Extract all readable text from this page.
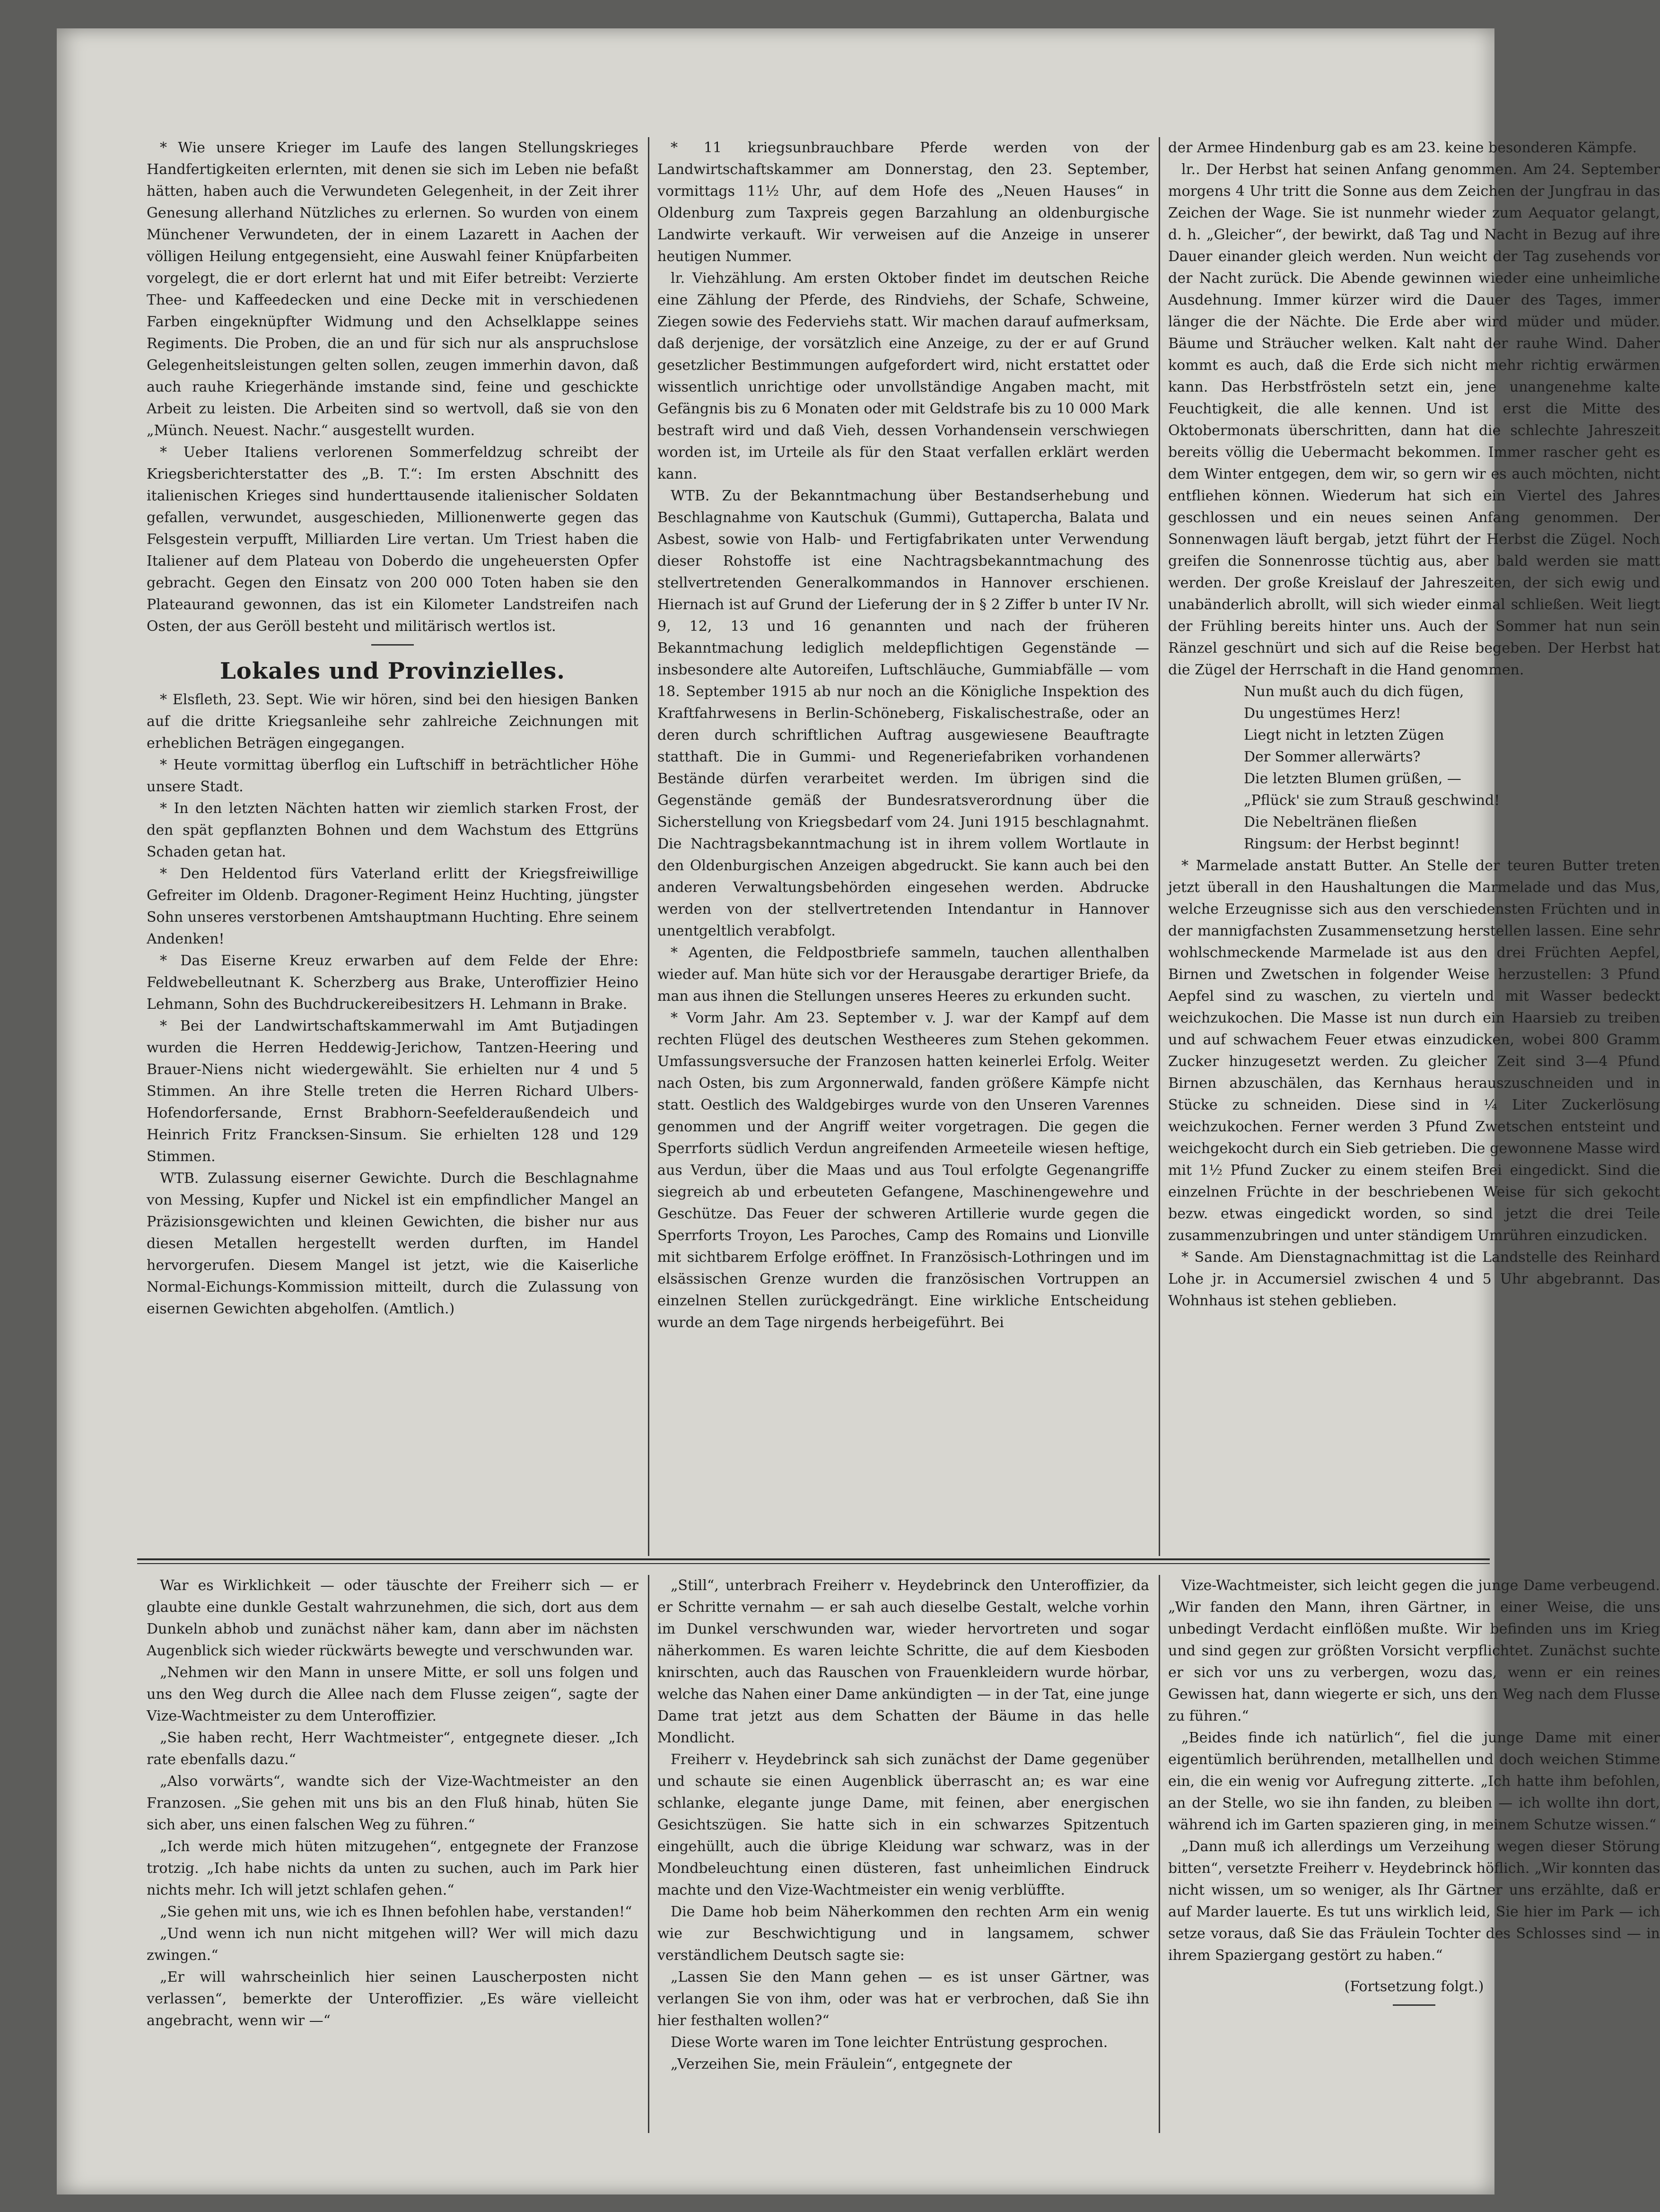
* Wie unsere Krieger im Laufe des langen Stellungskrieges Handfertigkeiten erlernten, mit denen sie sich im Leben nie befaßt hätten, haben auch die Verwundeten Gelegenheit, in der Zeit ihrer Genesung allerhand Nützliches zu erlernen. So wurden von einem Münchener Verwundeten, der in einem Lazarett in Aachen der völligen Heilung entgegensieht, eine Auswahl feiner Knüpfarbeiten vorgelegt, die er dort erlernt hat und mit Eifer betreibt: Verzierte Thee- und Kaffeedecken und eine Decke mit in verschiedenen Farben eingeknüpfter Widmung und den Achselklappe seines Regiments. Die Proben, die an und für sich nur als anspruchslose Gelegenheitsleistungen gelten sollen, zeugen immerhin davon, daß auch rauhe Kriegerhände imstande sind, feine und geschickte Arbeit zu leisten. Die Arbeiten sind so wertvoll, daß sie von den „Münch. Neuest. Nachr.“ ausgestellt wurden.

* Ueber Italiens verlorenen Sommerfeldzug schreibt der Kriegsberichterstatter des „B. T.“: Im ersten Abschnitt des italienischen Krieges sind hunderttausende italienischer Soldaten gefallen, verwundet, ausgeschieden, Millionenwerte gegen das Felsgestein verpufft, Milliarden Lire vertan. Um Triest haben die Italiener auf dem Plateau von Doberdo die ungeheuersten Opfer gebracht. Gegen den Einsatz von 200 000 Toten haben sie den Plateaurand gewonnen, das ist ein Kilometer Landstreifen nach Osten, der aus Geröll besteht und militärisch wertlos ist.

Lokales und Provinzielles.

* Elsfleth, 23. Sept. Wie wir hören, sind bei den hiesigen Banken auf die dritte Kriegsanleihe sehr zahlreiche Zeichnungen mit erheblichen Beträgen eingegangen.

* Heute vormittag überflog ein Luftschiff in beträchtlicher Höhe unsere Stadt.

* In den letzten Nächten hatten wir ziemlich starken Frost, der den spät gepflanzten Bohnen und dem Wachstum des Ettgrüns Schaden getan hat.

* Den Heldentod fürs Vaterland erlitt der Kriegsfreiwillige Gefreiter im Oldenb. Dragoner-Regiment Heinz Huchting, jüngster Sohn unseres verstorbenen Amtshauptmann Huchting. Ehre seinem Andenken!

* Das Eiserne Kreuz erwarben auf dem Felde der Ehre: Feldwebelleutnant K. Scherzberg aus Brake, Unteroffizier Heino Lehmann, Sohn des Buchdruckereibesitzers H. Lehmann in Brake.

* Bei der Landwirtschaftskammerwahl im Amt Butjadingen wurden die Herren Heddewig-Jerichow, Tantzen-Heering und Brauer-Niens nicht wiedergewählt. Sie erhielten nur 4 und 5 Stimmen. An ihre Stelle treten die Herren Richard Ulbers-Hofendorfersande, Ernst Brabhorn-Seefelderaußendeich und Heinrich Fritz Francksen-Sinsum. Sie erhielten 128 und 129 Stimmen.

WTB. Zulassung eiserner Gewichte. Durch die Beschlagnahme von Messing, Kupfer und Nickel ist ein empfindlicher Mangel an Präzisionsgewichten und kleinen Gewichten, die bisher nur aus diesen Metallen hergestellt werden durften, im Handel hervorgerufen. Diesem Mangel ist jetzt, wie die Kaiserliche Normal-Eichungs-Kommission mitteilt, durch die Zulassung von eisernen Gewichten abgeholfen. (Amtlich.)

* 11 kriegsunbrauchbare Pferde werden von der Landwirtschaftskammer am Donnerstag, den 23. September, vormittags 11½ Uhr, auf dem Hofe des „Neuen Hauses“ in Oldenburg zum Taxpreis gegen Barzahlung an oldenburgische Landwirte verkauft. Wir verweisen auf die Anzeige in unserer heutigen Nummer.

lr. Viehzählung. Am ersten Oktober findet im deutschen Reiche eine Zählung der Pferde, des Rindviehs, der Schafe, Schweine, Ziegen sowie des Federviehs statt. Wir machen darauf aufmerksam, daß derjenige, der vorsätzlich eine Anzeige, zu der er auf Grund gesetzlicher Bestimmungen aufgefordert wird, nicht erstattet oder wissentlich unrichtige oder unvollständige Angaben macht, mit Gefängnis bis zu 6 Monaten oder mit Geldstrafe bis zu 10 000 Mark bestraft wird und daß Vieh, dessen Vorhandensein verschwiegen worden ist, im Urteile als für den Staat verfallen erklärt werden kann.

WTB. Zu der Bekanntmachung über Bestandserhebung und Beschlagnahme von Kautschuk (Gummi), Guttapercha, Balata und Asbest, sowie von Halb- und Fertigfabrikaten unter Verwendung dieser Rohstoffe ist eine Nachtragsbekanntmachung des stellvertretenden Generalkommandos in Hannover erschienen. Hiernach ist auf Grund der Lieferung der in § 2 Ziffer b unter IV Nr. 9, 12, 13 und 16 genannten und nach der früheren Bekanntmachung lediglich meldepflichtigen Gegenstände — insbesondere alte Autoreifen, Luftschläuche, Gummiabfälle — vom 18. September 1915 ab nur noch an die Königliche Inspektion des Kraftfahrwesens in Berlin-Schöneberg, Fiskalischestraße, oder an deren durch schriftlichen Auftrag ausgewiesene Beauftragte statthaft. Die in Gummi- und Regeneriefabriken vorhandenen Bestände dürfen verarbeitet werden. Im übrigen sind die Gegenstände gemäß der Bundesratsverordnung über die Sicherstellung von Kriegsbedarf vom 24. Juni 1915 beschlagnahmt. Die Nachtragsbekanntmachung ist in ihrem vollem Wortlaute in den Oldenburgischen Anzeigen abgedruckt. Sie kann auch bei den anderen Verwaltungsbehörden eingesehen werden. Abdrucke werden von der stellvertretenden Intendantur in Hannover unentgeltlich verabfolgt.

* Agenten, die Feldpostbriefe sammeln, tauchen allenthalben wieder auf. Man hüte sich vor der Herausgabe derartiger Briefe, da man aus ihnen die Stellungen unseres Heeres zu erkunden sucht.

* Vorm Jahr. Am 23. September v. J. war der Kampf auf dem rechten Flügel des deutschen Westheeres zum Stehen gekommen. Umfassungsversuche der Franzosen hatten keinerlei Erfolg. Weiter nach Osten, bis zum Argonnerwald, fanden größere Kämpfe nicht statt. Oestlich des Waldgebirges wurde von den Unseren Varennes genommen und der Angriff weiter vorgetragen. Die gegen die Sperrforts südlich Verdun angreifenden Armeeteile wiesen heftige, aus Verdun, über die Maas und aus Toul erfolgte Gegenangriffe siegreich ab und erbeuteten Gefangene, Maschinengewehre und Geschütze. Das Feuer der schweren Artillerie wurde gegen die Sperrforts Troyon, Les Paroches, Camp des Romains und Lionville mit sichtbarem Erfolge eröffnet. In Französisch-Lothringen und im elsässischen Grenze wurden die französischen Vortruppen an einzelnen Stellen zurückgedrängt. Eine wirkliche Entscheidung wurde an dem Tage nirgends herbeigeführt. Bei

der Armee Hindenburg gab es am 23. keine besonderen Kämpfe.

lr.. Der Herbst hat seinen Anfang genommen. Am 24. September morgens 4 Uhr tritt die Sonne aus dem Zeichen der Jungfrau in das Zeichen der Wage. Sie ist nunmehr wieder zum Aequator gelangt, d. h. „Gleicher“, der bewirkt, daß Tag und Nacht in Bezug auf ihre Dauer einander gleich werden. Nun weicht der Tag zusehends vor der Nacht zurück. Die Abende gewinnen wieder eine unheimliche Ausdehnung. Immer kürzer wird die Dauer des Tages, immer länger die der Nächte. Die Erde aber wird müder und müder. Bäume und Sträucher welken. Kalt naht der rauhe Wind. Daher kommt es auch, daß die Erde sich nicht mehr richtig erwärmen kann. Das Herbstfrösteln setzt ein, jene unangenehme kalte Feuchtigkeit, die alle kennen. Und ist erst die Mitte des Oktobermonats überschritten, dann hat die schlechte Jahreszeit bereits völlig die Uebermacht bekommen. Immer rascher geht es dem Winter entgegen, dem wir, so gern wir es auch möchten, nicht entfliehen können. Wiederum hat sich ein Viertel des Jahres geschlossen und ein neues seinen Anfang genommen. Der Sonnenwagen läuft bergab, jetzt führt der Herbst die Zügel. Noch greifen die Sonnenrosse tüchtig aus, aber bald werden sie matt werden. Der große Kreislauf der Jahreszeiten, der sich ewig und unabänderlich abrollt, will sich wieder einmal schließen. Weit liegt der Frühling bereits hinter uns. Auch der Sommer hat nun sein Ränzel geschnürt und sich auf die Reise begeben. Der Herbst hat die Zügel der Herrschaft in die Hand genommen.

Nun mußt auch du dich fügen,
Du ungestümes Herz!
Liegt nicht in letzten Zügen
Der Sommer allerwärts?
Die letzten Blumen grüßen, —
„Pflück' sie zum Strauß geschwind!
Die Nebeltränen fließen
Ringsum: der Herbst beginnt!

* Marmelade anstatt Butter. An Stelle der teuren Butter treten jetzt überall in den Haushaltungen die Marmelade und das Mus, welche Erzeugnisse sich aus den verschiedensten Früchten und in der mannigfachsten Zusammensetzung herstellen lassen. Eine sehr wohlschmeckende Marmelade ist aus den drei Früchten Aepfel, Birnen und Zwetschen in folgender Weise herzustellen: 3 Pfund Aepfel sind zu waschen, zu vierteln und mit Wasser bedeckt weichzukochen. Die Masse ist nun durch ein Haarsieb zu treiben und auf schwachem Feuer etwas einzudicken, wobei 800 Gramm Zucker hinzugesetzt werden. Zu gleicher Zeit sind 3—4 Pfund Birnen abzuschälen, das Kernhaus herauszuschneiden und in Stücke zu schneiden. Diese sind in ¼ Liter Zuckerlösung weichzukochen. Ferner werden 3 Pfund Zwetschen entsteint und weichgekocht durch ein Sieb getrieben. Die gewonnene Masse wird mit 1½ Pfund Zucker zu einem steifen Brei eingedickt. Sind die einzelnen Früchte in der beschriebenen Weise für sich gekocht bezw. etwas eingedickt worden, so sind jetzt die drei Teile zusammenzubringen und unter ständigem Umrühren einzudicken.

* Sande. Am Dienstagnachmittag ist die Landstelle des Reinhard Lohe jr. in Accumersiel zwischen 4 und 5 Uhr abgebrannt. Das Wohnhaus ist stehen geblieben.

War es Wirklichkeit — oder täuschte der Freiherr sich — er glaubte eine dunkle Gestalt wahrzunehmen, die sich, dort aus dem Dunkeln abhob und zunächst näher kam, dann aber im nächsten Augenblick sich wieder rückwärts bewegte und verschwunden war.

„Nehmen wir den Mann in unsere Mitte, er soll uns folgen und uns den Weg durch die Allee nach dem Flusse zeigen“, sagte der Vize-Wachtmeister zu dem Unteroffizier.

„Sie haben recht, Herr Wachtmeister“, entgegnete dieser. „Ich rate ebenfalls dazu.“

„Also vorwärts“, wandte sich der Vize-Wachtmeister an den Franzosen. „Sie gehen mit uns bis an den Fluß hinab, hüten Sie sich aber, uns einen falschen Weg zu führen.“

„Ich werde mich hüten mitzugehen“, entgegnete der Franzose trotzig. „Ich habe nichts da unten zu suchen, auch im Park hier nichts mehr. Ich will jetzt schlafen gehen.“

„Sie gehen mit uns, wie ich es Ihnen befohlen habe, verstanden!“

„Und wenn ich nun nicht mitgehen will? Wer will mich dazu zwingen.“

„Er will wahrscheinlich hier seinen Lauscherposten nicht verlassen“, bemerkte der Unteroffizier. „Es wäre vielleicht angebracht, wenn wir —“

„Still“, unterbrach Freiherr v. Heydebrinck den Unteroffizier, da er Schritte vernahm — er sah auch dieselbe Gestalt, welche vorhin im Dunkel verschwunden war, wieder hervortreten und sogar näherkommen. Es waren leichte Schritte, die auf dem Kiesboden knirschten, auch das Rauschen von Frauenkleidern wurde hörbar, welche das Nahen einer Dame ankündigten — in der Tat, eine junge Dame trat jetzt aus dem Schatten der Bäume in das helle Mondlicht.

Freiherr v. Heydebrinck sah sich zunächst der Dame gegenüber und schaute sie einen Augenblick überrascht an; es war eine schlanke, elegante junge Dame, mit feinen, aber energischen Gesichtszügen. Sie hatte sich in ein schwarzes Spitzentuch eingehüllt, auch die übrige Kleidung war schwarz, was in der Mondbeleuchtung einen düsteren, fast unheimlichen Eindruck machte und den Vize-Wachtmeister ein wenig verblüffte.

Die Dame hob beim Näherkommen den rechten Arm ein wenig wie zur Beschwichtigung und in langsamem, schwer verständlichem Deutsch sagte sie:

„Lassen Sie den Mann gehen — es ist unser Gärtner, was verlangen Sie von ihm, oder was hat er verbrochen, daß Sie ihn hier festhalten wollen?“

Diese Worte waren im Tone leichter Entrüstung gesprochen.

„Verzeihen Sie, mein Fräulein“, entgegnete der

Vize-Wachtmeister, sich leicht gegen die junge Dame verbeugend. „Wir fanden den Mann, ihren Gärtner, in einer Weise, die uns unbedingt Verdacht einflößen mußte. Wir befinden uns im Krieg und sind gegen zur größten Vorsicht verpflichtet. Zunächst suchte er sich vor uns zu verbergen, wozu das, wenn er ein reines Gewissen hat, dann wiegerte er sich, uns den Weg nach dem Flusse zu führen.“

„Beides finde ich natürlich“, fiel die junge Dame mit einer eigentümlich berührenden, metallhellen und doch weichen Stimme ein, die ein wenig vor Aufregung zitterte. „Ich hatte ihm befohlen, an der Stelle, wo sie ihn fanden, zu bleiben — ich wollte ihn dort, während ich im Garten spazieren ging, in meinem Schutze wissen.“

„Dann muß ich allerdings um Verzeihung wegen dieser Störung bitten“, versetzte Freiherr v. Heydebrinck höflich. „Wir konnten das nicht wissen, um so weniger, als Ihr Gärtner uns erzählte, daß er auf Marder lauerte. Es tut uns wirklich leid, Sie hier im Park — ich setze voraus, daß Sie das Fräulein Tochter des Schlosses sind — in ihrem Spaziergang gestört zu haben.“

(Fortsetzung folgt.)
